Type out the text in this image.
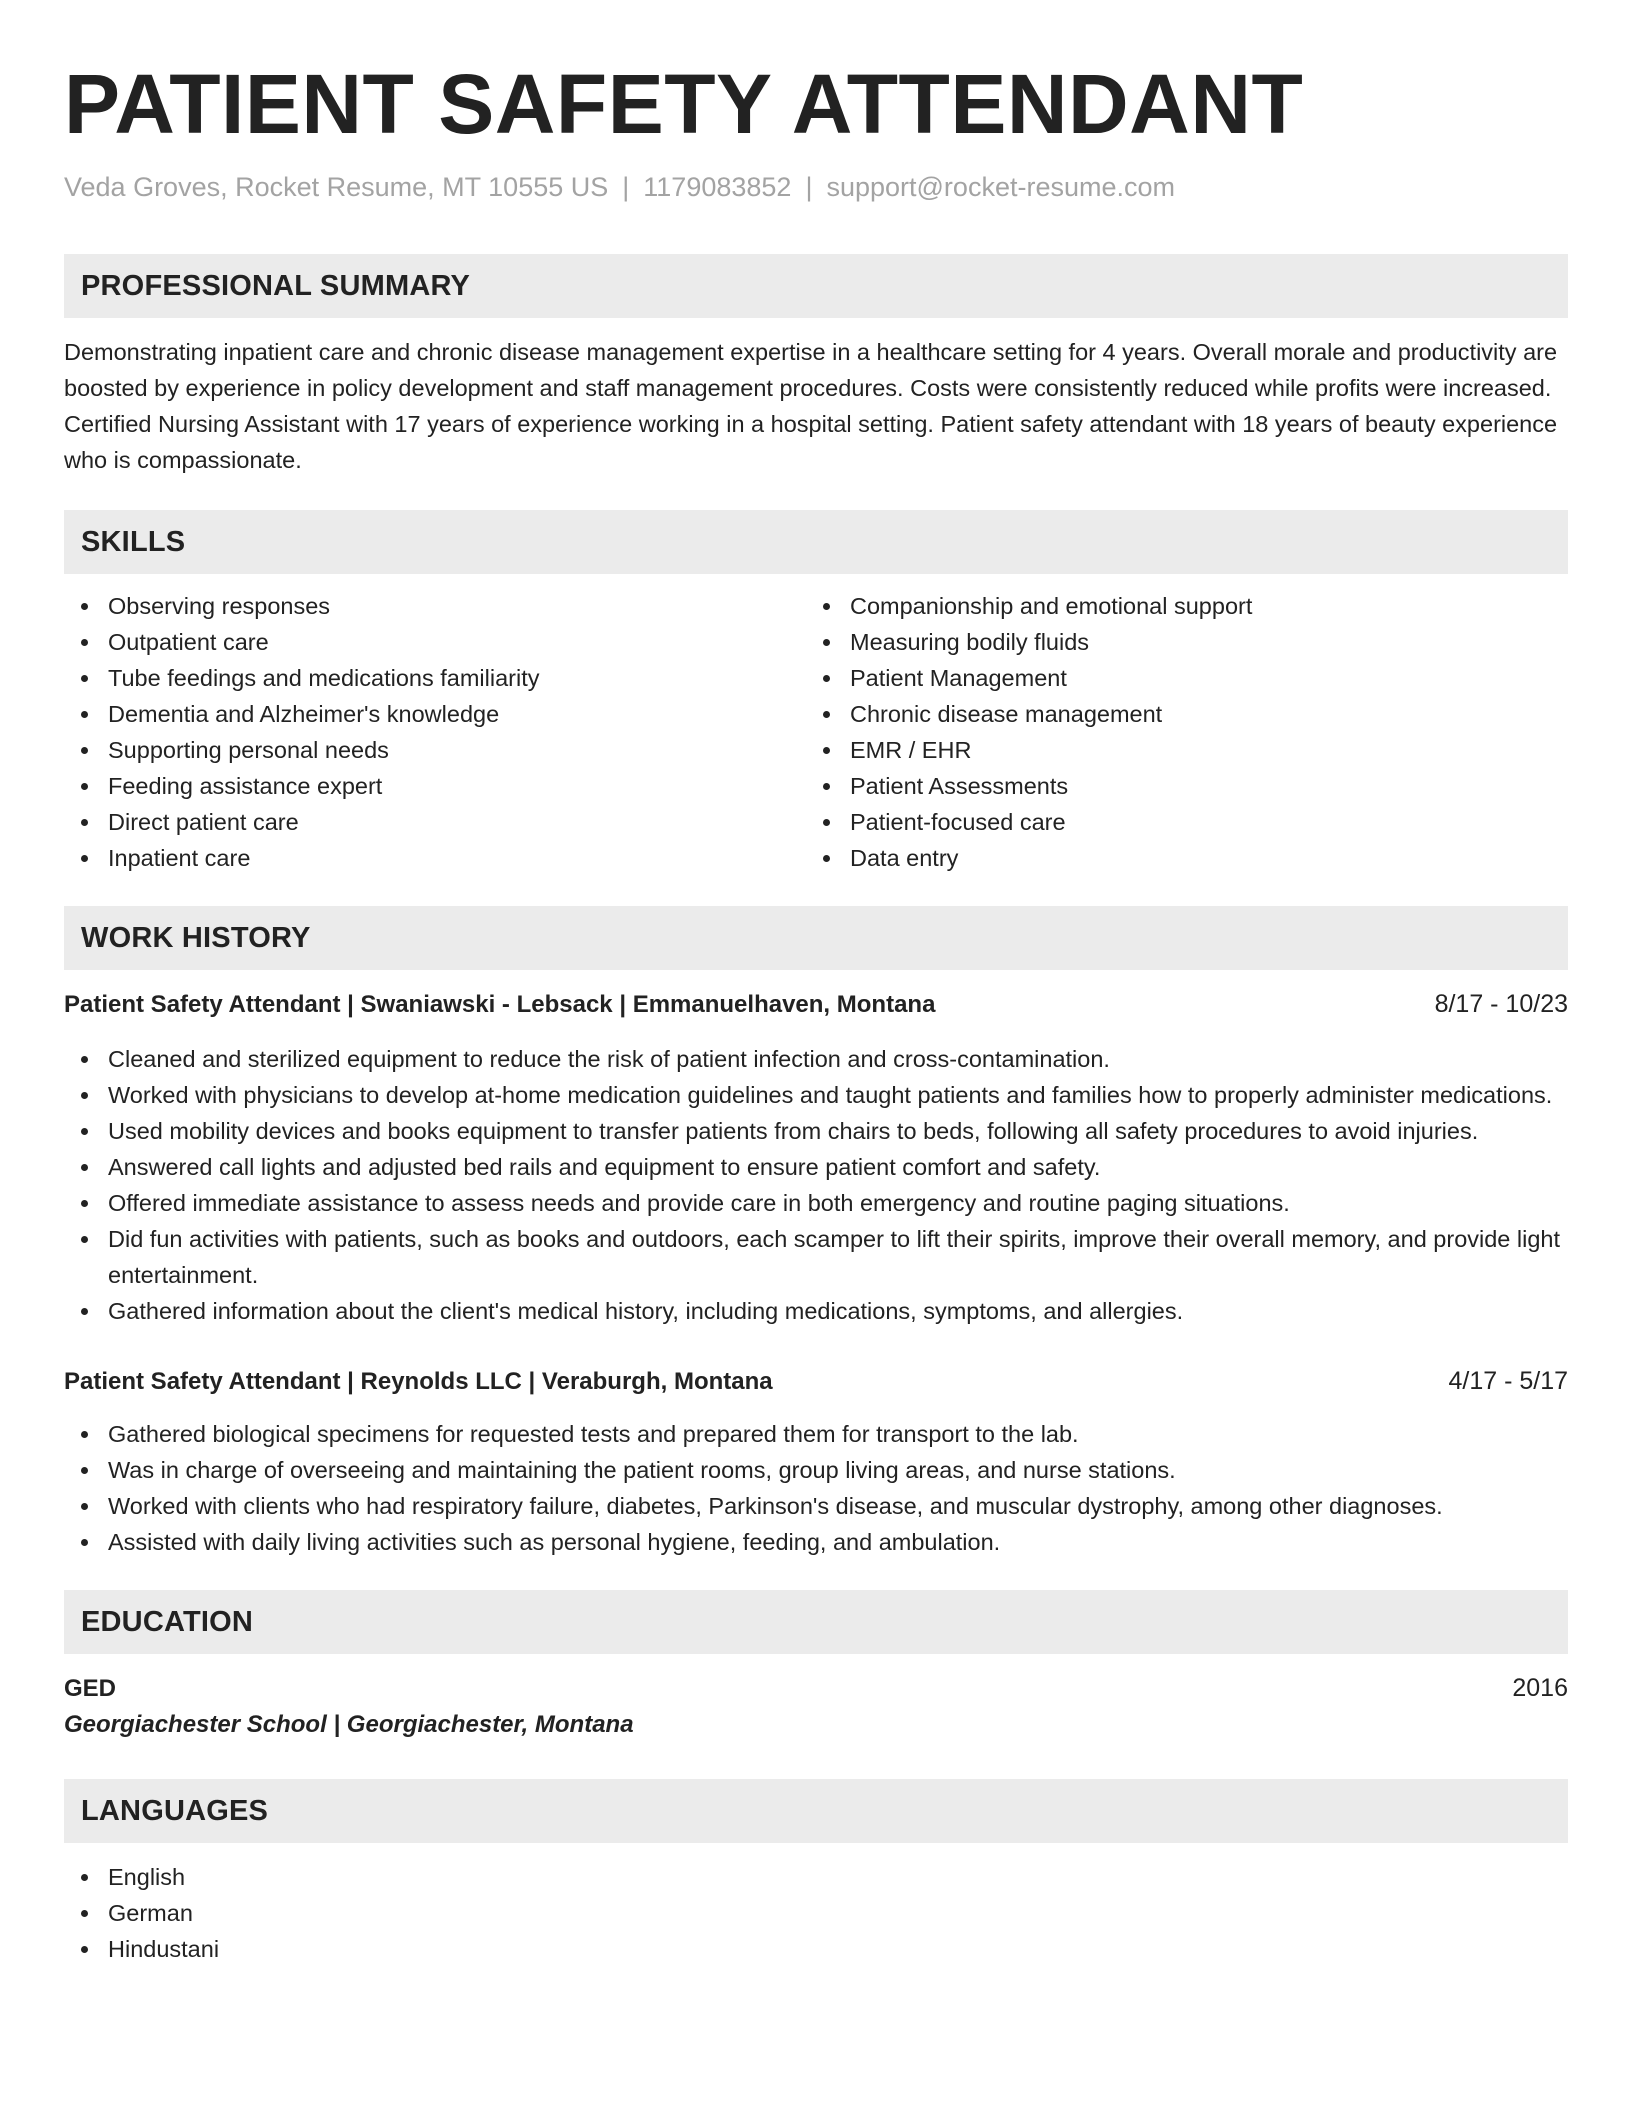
PATIENT SAFETY ATTENDANT
Veda Groves, Rocket Resume, MT 10555 US | 1179083852 | support@rocket-resume.com
PROFESSIONAL SUMMARY
Demonstrating inpatient care and chronic disease management expertise in a healthcare setting for 4 years. Overall morale and productivity are boosted by experience in policy development and staff management procedures. Costs were consistently reduced while profits were increased. Certified Nursing Assistant with 17 years of experience working in a hospital setting. Patient safety attendant with 18 years of beauty experience who is compassionate.
SKILLS
Observing responses
Outpatient care
Tube feedings and medications familiarity
Dementia and Alzheimer's knowledge
Supporting personal needs
Feeding assistance expert
Direct patient care
Inpatient care
Companionship and emotional support
Measuring bodily fluids
Patient Management
Chronic disease management
EMR / EHR
Patient Assessments
Patient-focused care
Data entry
WORK HISTORY
Patient Safety Attendant | Swaniawski - Lebsack | Emmanuelhaven, Montana	8/17 - 10/23
Cleaned and sterilized equipment to reduce the risk of patient infection and cross-contamination.
Worked with physicians to develop at-home medication guidelines and taught patients and families how to properly administer medications.
Used mobility devices and books equipment to transfer patients from chairs to beds, following all safety procedures to avoid injuries.
Answered call lights and adjusted bed rails and equipment to ensure patient comfort and safety.
Offered immediate assistance to assess needs and provide care in both emergency and routine paging situations.
Did fun activities with patients, such as books and outdoors, each scamper to lift their spirits, improve their overall memory, and provide light entertainment.
Gathered information about the client's medical history, including medications, symptoms, and allergies.
Patient Safety Attendant | Reynolds LLC | Veraburgh, Montana	4/17 - 5/17
Gathered biological specimens for requested tests and prepared them for transport to the lab.
Was in charge of overseeing and maintaining the patient rooms, group living areas, and nurse stations.
Worked with clients who had respiratory failure, diabetes, Parkinson's disease, and muscular dystrophy, among other diagnoses.
Assisted with daily living activities such as personal hygiene, feeding, and ambulation.
EDUCATION
GED	2016
Georgiachester School | Georgiachester, Montana
LANGUAGES
English
German
Hindustani
